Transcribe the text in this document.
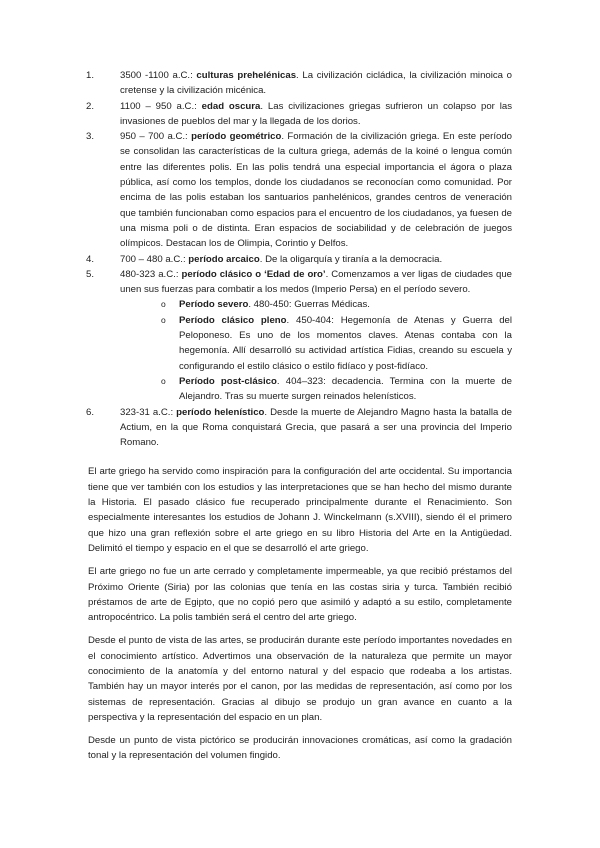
1.	3500 -1100 a.C.: culturas prehelénicas. La civilización cicládica, la civilización minoica o cretense y la civilización micénica.
2.	1100 – 950 a.C.: edad oscura. Las civilizaciones griegas sufrieron un colapso por las invasiones de pueblos del mar y la llegada de los dorios.
3.	950 – 700 a.C.: período geométrico. Formación de la civilización griega. En este período se consolidan las características de la cultura griega, además de la koiné o lengua común entre las diferentes polis. En las polis tendrá una especial importancia el ágora o plaza pública, así como los templos, donde los ciudadanos se reconocían como comunidad. Por encima de las polis estaban los santuarios panhelénicos, grandes centros de veneración que también funcionaban como espacios para el encuentro de los ciudadanos, ya fuesen de una misma poli o de distinta. Eran espacios de sociabilidad y de celebración de juegos olímpicos. Destacan los de Olimpia, Corintio y Delfos.
4.	700 – 480 a.C.: período arcaico. De la oligarquía y tiranía a la democracia.
5.	480-323 a.C.: período clásico o ‘Edad de oro’. Comenzamos a ver ligas de ciudades que unen sus fuerzas para combatir a los medos (Imperio Persa) en el período severo.
o Período severo. 480-450: Guerras Médicas.
o Período clásico pleno. 450-404: Hegemonía de Atenas y Guerra del Peloponeso. Es uno de los momentos claves. Atenas contaba con la hegemonía. Allí desarrolló su actividad artística Fidias, creando su escuela y configurando el estilo clásico o estilo fidíaco y post-fidíaco.
o Período post-clásico. 404–323: decadencia. Termina con la muerte de Alejandro. Tras su muerte surgen reinados helenísticos.
6.	323-31 a.C.: período helenístico. Desde la muerte de Alejandro Magno hasta la batalla de Actium, en la que Roma conquistará Grecia, que pasará a ser una provincia del Imperio Romano.

El arte griego ha servido como inspiración para la configuración del arte occidental. Su importancia tiene que ver también con los estudios y las interpretaciones que se han hecho del mismo durante la Historia. El pasado clásico fue recuperado principalmente durante el Renacimiento. Son especialmente interesantes los estudios de Johann J. Winckelmann (s.XVIII), siendo él el primero que hizo una gran reflexión sobre el arte griego en su libro Historia del Arte en la Antigüedad. Delimitó el tiempo y espacio en el que se desarrolló el arte griego.

El arte griego no fue un arte cerrado y completamente impermeable, ya que recibió préstamos del Próximo Oriente (Siria) por las colonias que tenía en las costas siria y turca. También recibió préstamos de arte de Egipto, que no copió pero que asimiló y adaptó a su estilo, completamente antropocéntrico. La polis también será el centro del arte griego.

Desde el punto de vista de las artes, se producirán durante este período importantes novedades en el conocimiento artístico. Advertimos una observación de la naturaleza que permite un mayor conocimiento de la anatomía y del entorno natural y del espacio que rodeaba a los artistas. También hay un mayor interés por el canon, por las medidas de representación, así como por los sistemas de representación. Gracias al dibujo se produjo un gran avance en cuanto a la perspectiva y la representación del espacio en un plan.

Desde un punto de vista pictórico se producirán innovaciones cromáticas, así como la gradación tonal y la representación del volumen fingido.
